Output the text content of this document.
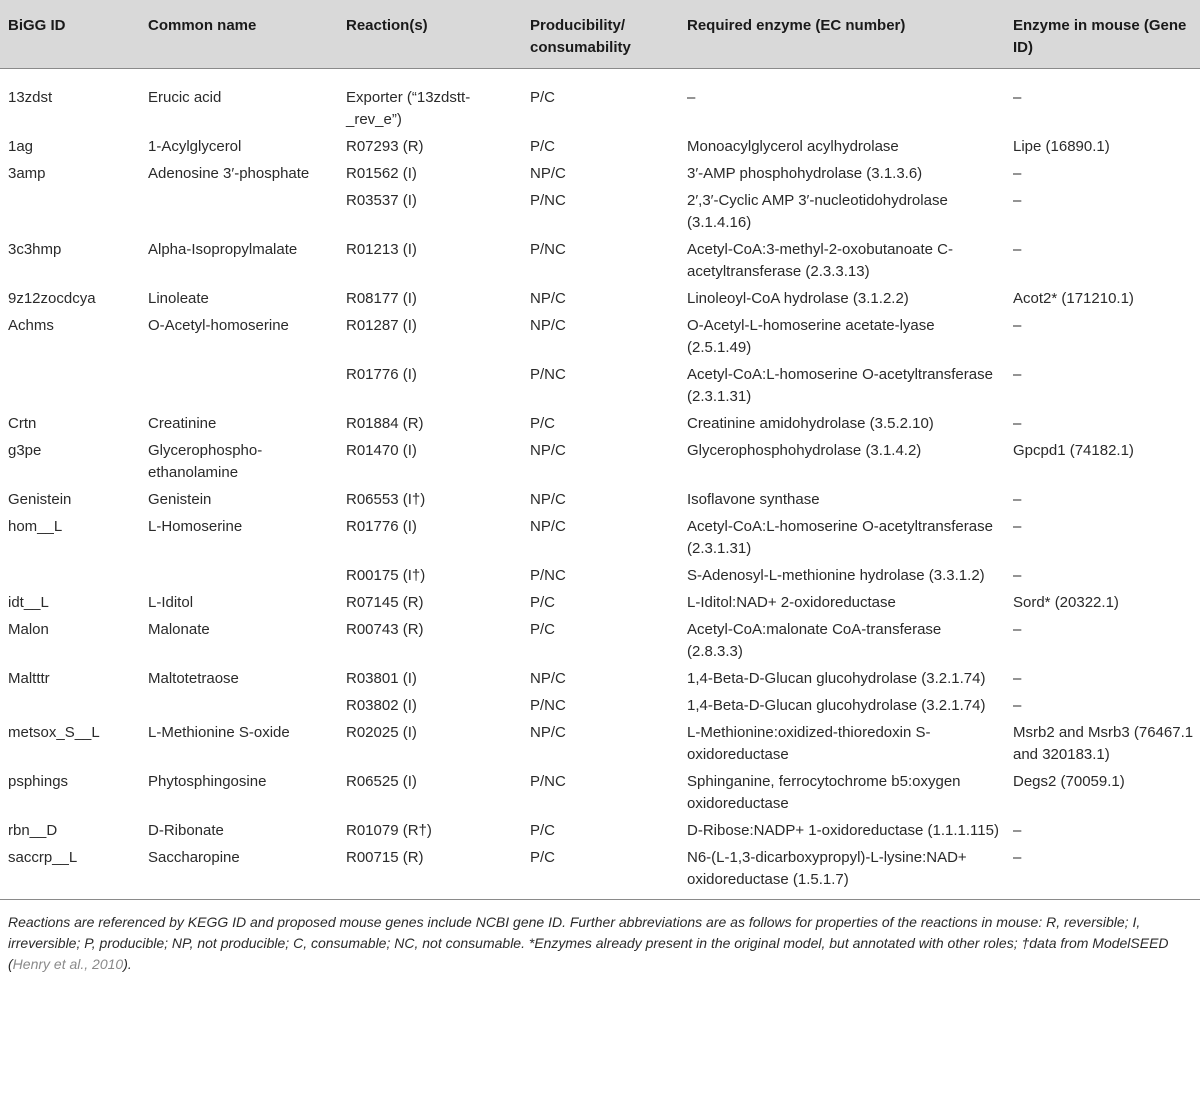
BiGG ID	Common name	Reaction(s)	Producibility/ consumability	Required enzyme (EC number)	Enzyme in mouse (Gene ID)
13zdst	Erucic acid	Exporter (“13zdstt-_rev_e”)	P/C	–	–
1ag	1-Acylglycerol	R07293 (R)	P/C	Monoacylglycerol acylhydrolase	Lipe (16890.1)
3amp	Adenosine 3′-phosphate	R01562 (I)	NP/C	3′-AMP phosphohydrolase (3.1.3.6)	–
		R03537 (I)	P/NC	2′,3′-Cyclic AMP 3′-nucleotidohydrolase (3.1.4.16)	–
3c3hmp	Alpha-Isopropylmalate	R01213 (I)	P/NC	Acetyl-CoA:3-methyl-2-oxobutanoate C-acetyltransferase (2.3.3.13)	–
9z12zocdcya	Linoleate	R08177 (I)	NP/C	Linoleoyl-CoA hydrolase (3.1.2.2)	Acot2* (171210.1)
Achms	O-Acetyl-homoserine	R01287 (I)	NP/C	O-Acetyl-L-homoserine acetate-lyase (2.5.1.49)	–
		R01776 (I)	P/NC	Acetyl-CoA:L-homoserine O-acetyltransferase (2.3.1.31)	–
Crtn	Creatinine	R01884 (R)	P/C	Creatinine amidohydrolase (3.5.2.10)	–
g3pe	Glycerophospho-ethanolamine	R01470 (I)	NP/C	Glycerophosphohydrolase (3.1.4.2)	Gpcpd1 (74182.1)
Genistein	Genistein	R06553 (I†)	NP/C	Isoflavone synthase	–
hom__L	L-Homoserine	R01776 (I)	NP/C	Acetyl-CoA:L-homoserine O-acetyltransferase (2.3.1.31)	–
		R00175 (I†)	P/NC	S-Adenosyl-L-methionine hydrolase (3.3.1.2)	–
idt__L	L-Iditol	R07145 (R)	P/C	L-Iditol:NAD+ 2-oxidoreductase	Sord* (20322.1)
Malon	Malonate	R00743 (R)	P/C	Acetyl-CoA:malonate CoA-transferase (2.8.3.3)	–
Maltttr	Maltotetraose	R03801 (I)	NP/C	1,4-Beta-D-Glucan glucohydrolase (3.2.1.74)	–
		R03802 (I)	P/NC	1,4-Beta-D-Glucan glucohydrolase (3.2.1.74)	–
metsox_S__L	L-Methionine S-oxide	R02025 (I)	NP/C	L-Methionine:oxidized-thioredoxin S-oxidoreductase	Msrb2 and Msrb3 (76467.1 and 320183.1)
psphings	Phytosphingosine	R06525 (I)	P/NC	Sphinganine, ferrocytochrome b5:oxygen oxidoreductase	Degs2 (70059.1)
rbn__D	D-Ribonate	R01079 (R†)	P/C	D-Ribose:NADP+ 1-oxidoreductase (1.1.1.115)	–
saccrp__L	Saccharopine	R00715 (R)	P/C	N6-(L-1,3-dicarboxypropyl)-L-lysine:NAD+ oxidoreductase (1.5.1.7)	–
Reactions are referenced by KEGG ID and proposed mouse genes include NCBI gene ID. Further abbreviations are as follows for properties of the reactions in mouse: R, reversible; I, irreversible; P, producible; NP, not producible; C, consumable; NC, not consumable. *Enzymes already present in the original model, but annotated with other roles; †data from ModelSEED (Henry et al., 2010).
